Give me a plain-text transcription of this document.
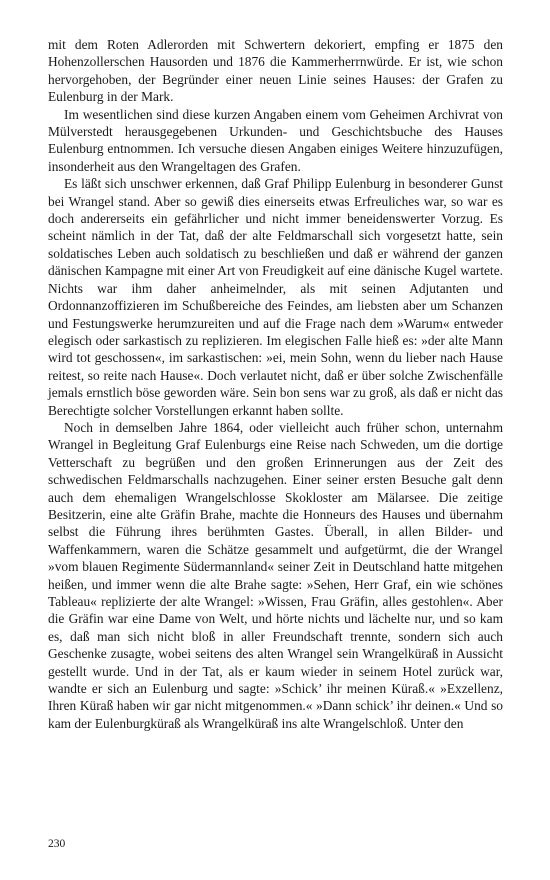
mit dem Roten Adlerorden mit Schwertern dekoriert, empfing er 1875 den Hohenzollerschen Hausorden und 1876 die Kammerherrnwürde. Er ist, wie schon hervorgehoben, der Begründer einer neuen Linie seines Hauses: der Grafen zu Eulenburg in der Mark.

Im wesentlichen sind diese kurzen Angaben einem vom Geheimen Archivrat von Mülverstedt herausgegebenen Urkunden- und Geschichtsbuche des Hauses Eulenburg entnommen. Ich versuche diesen Angaben einiges Weitere hinzuzufügen, insonderheit aus den Wrangeltagen des Grafen.

Es läßt sich unschwer erkennen, daß Graf Philipp Eulenburg in besonderer Gunst bei Wrangel stand. Aber so gewiß dies einerseits etwas Erfreuliches war, so war es doch andererseits ein gefährlicher und nicht immer beneidenswerter Vorzug. Es scheint nämlich in der Tat, daß der alte Feldmarschall sich vorgesetzt hatte, sein soldatisches Leben auch soldatisch zu beschließen und daß er während der ganzen dänischen Kampagne mit einer Art von Freudigkeit auf eine dänische Kugel wartete. Nichts war ihm daher anheimelnder, als mit seinen Adjutanten und Ordonnanzoffizieren im Schußbereiche des Feindes, am liebsten aber um Schanzen und Festungswerke herumzureiten und auf die Frage nach dem »Warum« entweder elegisch oder sarkastisch zu replizieren. Im elegischen Falle hieß es: »der alte Mann wird tot geschossen«, im sarkastischen: »ei, mein Sohn, wenn du lieber nach Hause reitest, so reite nach Hause«. Doch verlautet nicht, daß er über solche Zwischenfälle jemals ernstlich böse geworden wäre. Sein bon sens war zu groß, als daß er nicht das Berechtigte solcher Vorstellungen erkannt haben sollte.

Noch in demselben Jahre 1864, oder vielleicht auch früher schon, unternahm Wrangel in Begleitung Graf Eulenburgs eine Reise nach Schweden, um die dortige Vetterschaft zu begrüßen und den großen Erinnerungen aus der Zeit des schwedischen Feldmarschalls nachzugehen. Einer seiner ersten Besuche galt denn auch dem ehemaligen Wrangelschlosse Skokloster am Mälarsee. Die zeitige Besitzerin, eine alte Gräfin Brahe, machte die Honneurs des Hauses und übernahm selbst die Führung ihres berühmten Gastes. Überall, in allen Bilder- und Waffenkammern, waren die Schätze gesammelt und aufgetürmt, die der Wrangel »vom blauen Regimente Südermannland« seiner Zeit in Deutschland hatte mitgehen heißen, und immer wenn die alte Brahe sagte: »Sehen, Herr Graf, ein wie schönes Tableau« replizierte der alte Wrangel: »Wissen, Frau Gräfin, alles gestohlen«. Aber die Gräfin war eine Dame von Welt, und hörte nichts und lächelte nur, und so kam es, daß man sich nicht bloß in aller Freundschaft trennte, sondern sich auch Geschenke zusagte, wobei seitens des alten Wrangel sein Wrangelküraß in Aussicht gestellt wurde. Und in der Tat, als er kaum wieder in seinem Hotel zurück war, wandte er sich an Eulenburg und sagte: »Schick’ ihr meinen Küraß.« »Exzellenz, Ihren Küraß haben wir gar nicht mitgenommen.« »Dann schick’ ihr deinen.« Und so kam der Eulenburgküraß als Wrangelküraß ins alte Wrangelschloß. Unter den

230
